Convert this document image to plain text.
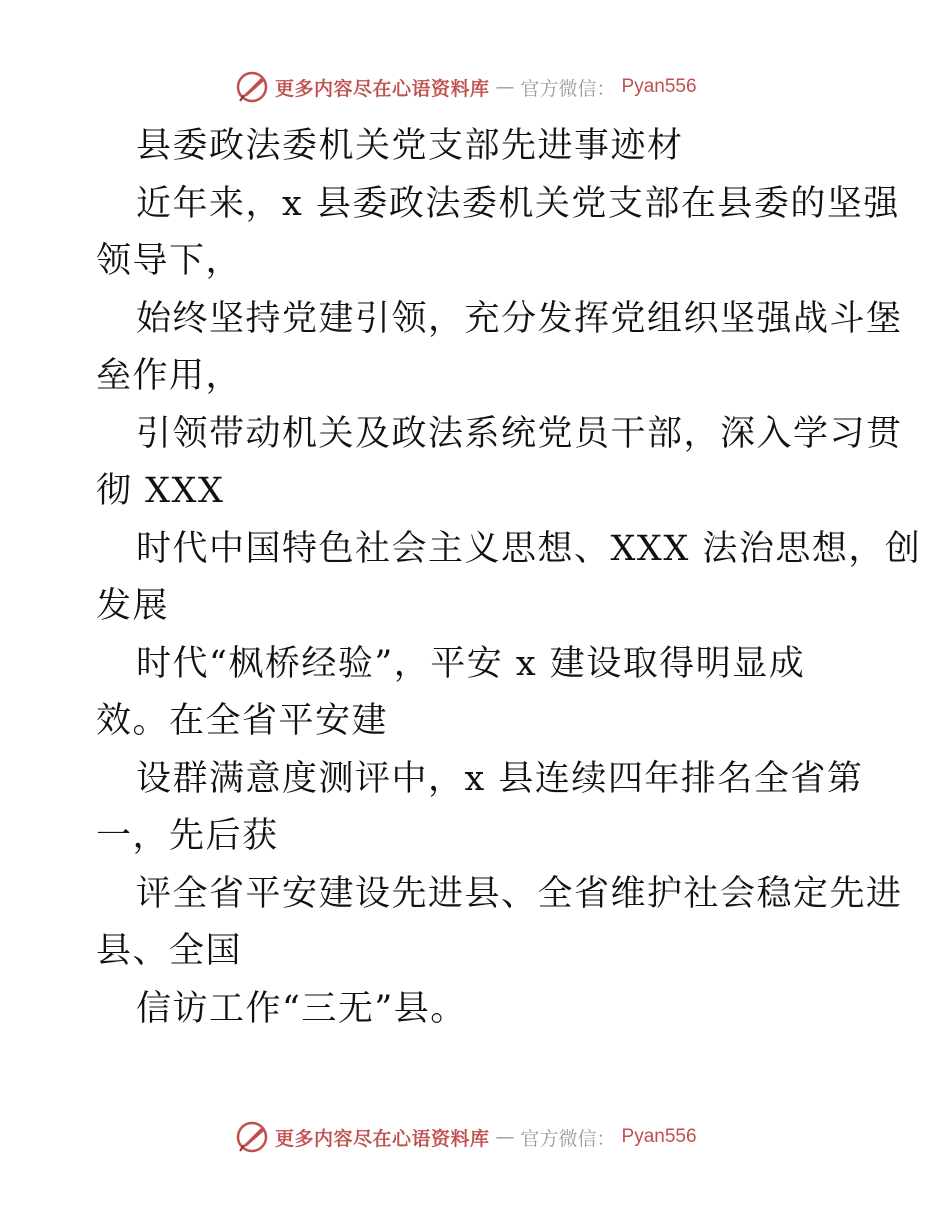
更多内容尽在心语资料库 — 官方微信： Pyan556
县委政法委机关党支部先进事迹材
近年来，x 县委政法委机关党支部在县委的坚强
领导下，
始终坚持党建引领，充分发挥党组织坚强战斗堡
垒作用，
引领带动机关及政法系统党员干部，深入学习贯
彻 XXX
时代中国特色社会主义思想、XXX 法治思想，创
发展
时代“枫桥经验”，平安 x 建设取得明显成
效。在全省平安建
设群满意度测评中，x 县连续四年排名全省第
一，先后获
评全省平安建设先进县、全省维护社会稳定先进
县、全国
信访工作“三无”县。
更多内容尽在心语资料库 — 官方微信： Pyan556
